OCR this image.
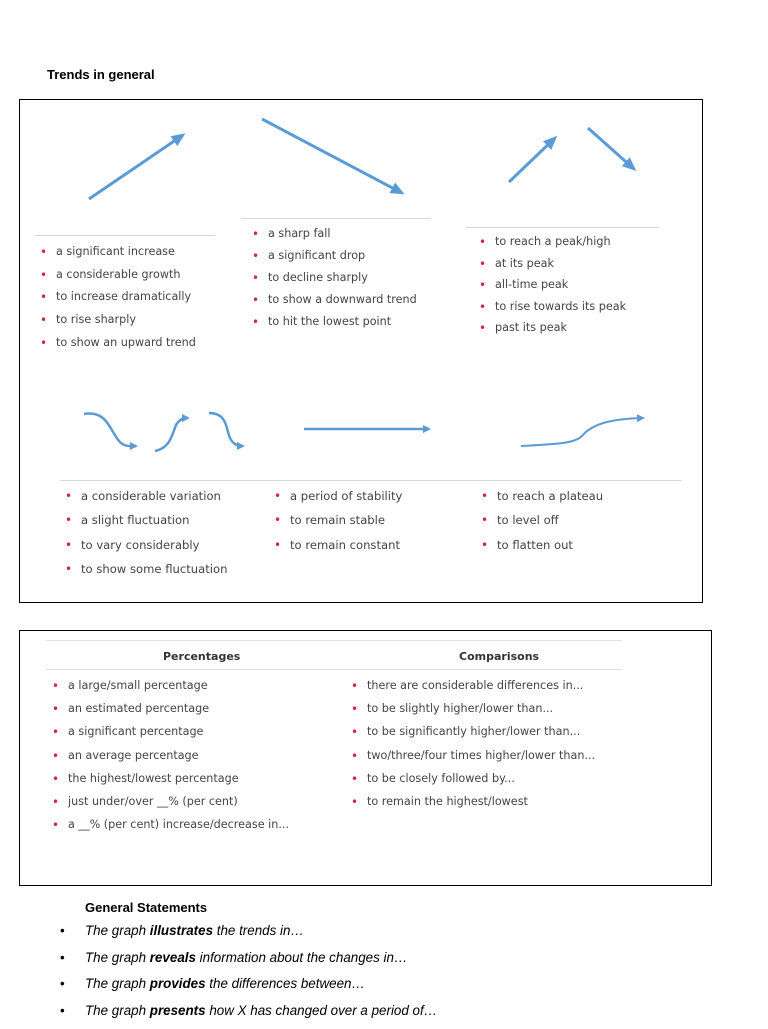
Trends in general
• a significant increase
• a considerable growth
• to increase dramatically
• to rise sharply
• to show an upward trend
• a sharp fall
• a significant drop
• to decline sharply
• to show a downward trend
• to hit the lowest point
• to reach a peak/high
• at its peak
• all-time peak
• to rise towards its peak
• past its peak
• a considerable variation
• a slight fluctuation
• to vary considerably
• to show some fluctuation
• a period of stability
• to remain stable
• to remain constant
• to reach a plateau
• to level off
• to flatten out
Percentages	Comparisons
• a large/small percentage
• an estimated percentage
• a significant percentage
• an average percentage
• the highest/lowest percentage
• just under/over __% (per cent)
• a __% (per cent) increase/decrease in...
• there are considerable differences in...
• to be slightly higher/lower than...
• to be significantly higher/lower than...
• two/three/four times higher/lower than...
• to be closely followed by...
• to remain the highest/lowest
General Statements
• The graph illustrates the trends in…
• The graph reveals information about the changes in…
• The graph provides the differences between…
• The graph presents how X has changed over a period of…
